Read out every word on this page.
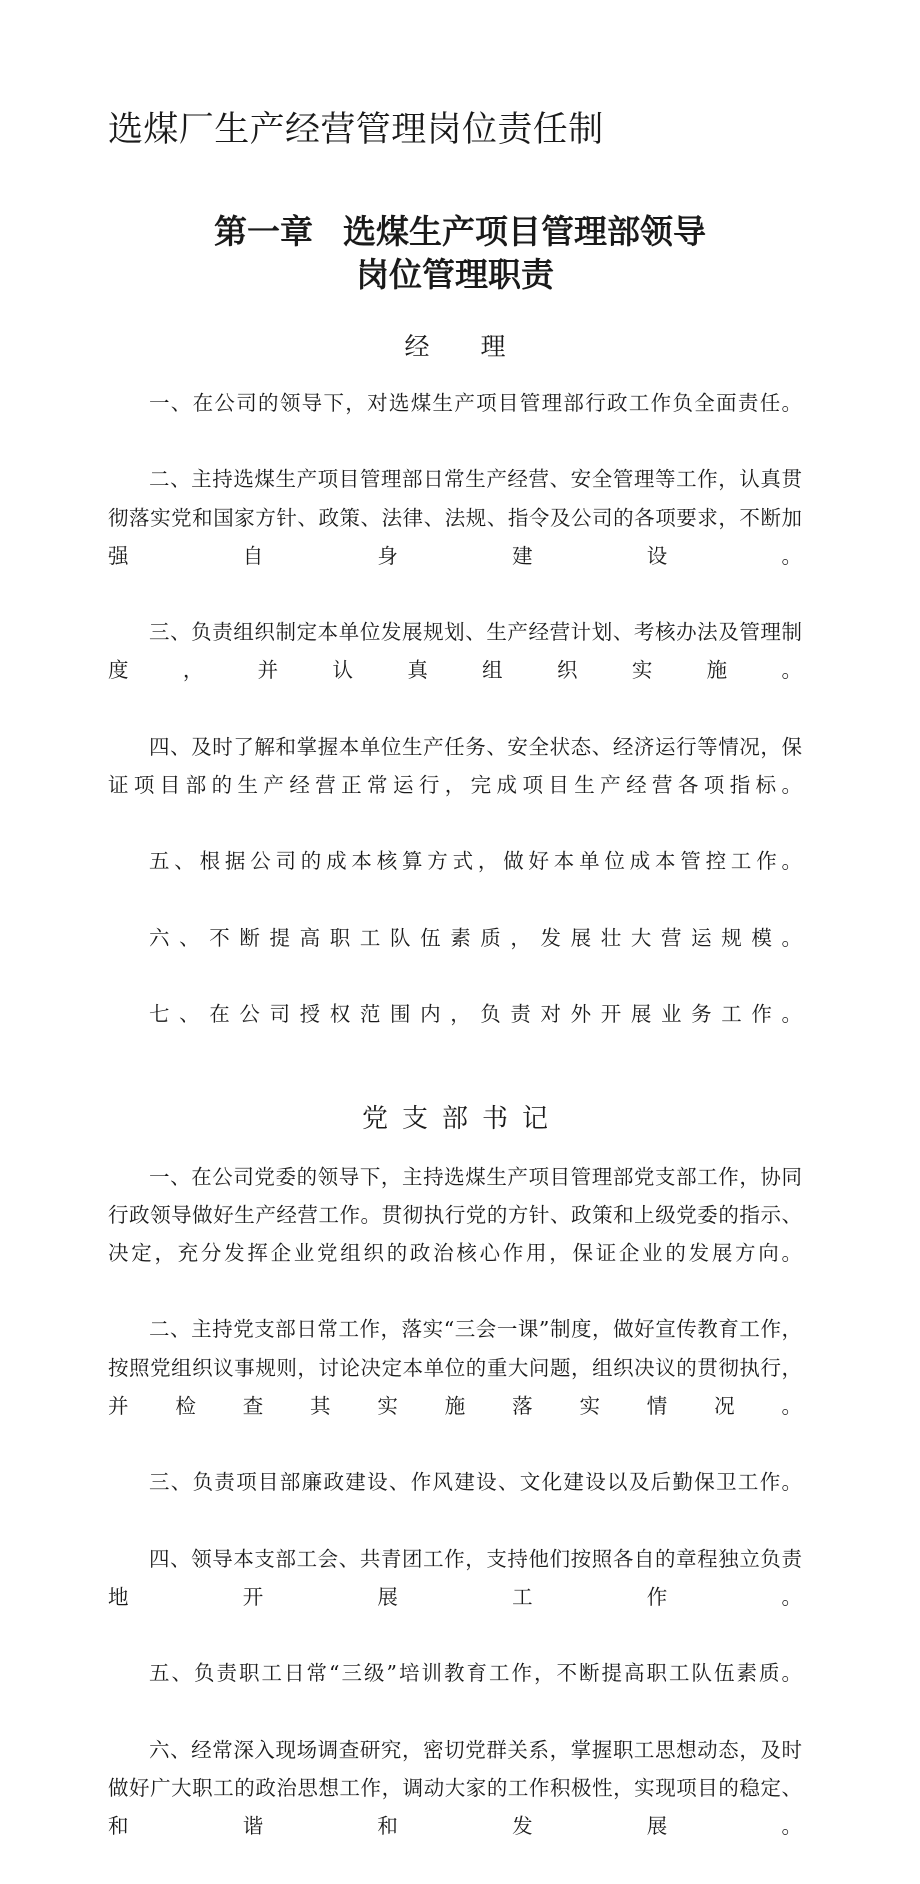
选煤厂生产经营管理岗位责任制
第一章 选煤生产项目管理部领导
岗位管理职责
经　理

一、在公司的领导下，对选煤生产项目管理部行政工作负全面责任。

二、主持选煤生产项目管理部日常生产经营、安全管理等工作，认真贯彻落实党和国家方针、政策、法律、法规、指令及公司的各项要求，不断加强自身建设。

三、负责组织制定本单位发展规划、生产经营计划、考核办法及管理制度，并认真组织实施。

四、及时了解和掌握本单位生产任务、安全状态、经济运行等情况，保证项目部的生产经营正常运行，完成项目生产经营各项指标。

五、根据公司的成本核算方式，做好本单位成本管控工作。

六、不断提高职工队伍素质，发展壮大营运规模。

七、在公司授权范围内，负责对外开展业务工作。

党支部书记

一、在公司党委的领导下，主持选煤生产项目管理部党支部工作，协同行政领导做好生产经营工作。贯彻执行党的方针、政策和上级党委的指示、决定，充分发挥企业党组织的政治核心作用，保证企业的发展方向。

二、主持党支部日常工作，落实“三会一课”制度，做好宣传教育工作，按照党组织议事规则，讨论决定本单位的重大问题，组织决议的贯彻执行，并检查其实施落实情况。

三、负责项目部廉政建设、作风建设、文化建设以及后勤保卫工作。

四、领导本支部工会、共青团工作，支持他们按照各自的章程独立负责地开展工作。

五、负责职工日常“三级”培训教育工作，不断提高职工队伍素质。

六、经常深入现场调查研究，密切党群关系，掌握职工思想动态，及时做好广大职工的政治思想工作，调动大家的工作积极性，实现项目的稳定、和谐和发展。
